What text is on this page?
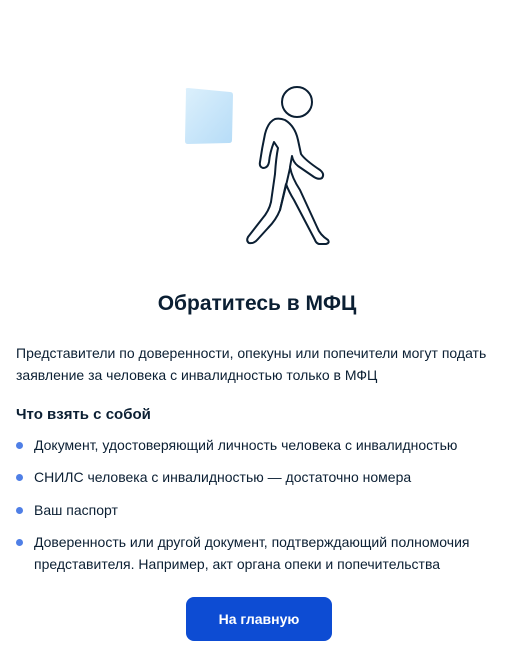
Обратитесь в МФЦ
Представители по доверенности, опекуны или попечители могут подать заявление за человека с инвалидностью только в МФЦ
Что взять с собой
Документ, удостоверяющий личность человека с инвалидностью
СНИЛС человека с инвалидностью — достаточно номера
Ваш паспорт
Доверенность или другой документ, подтверждающий полномочия представителя. Например, акт органа опеки и попечительства
На главную
